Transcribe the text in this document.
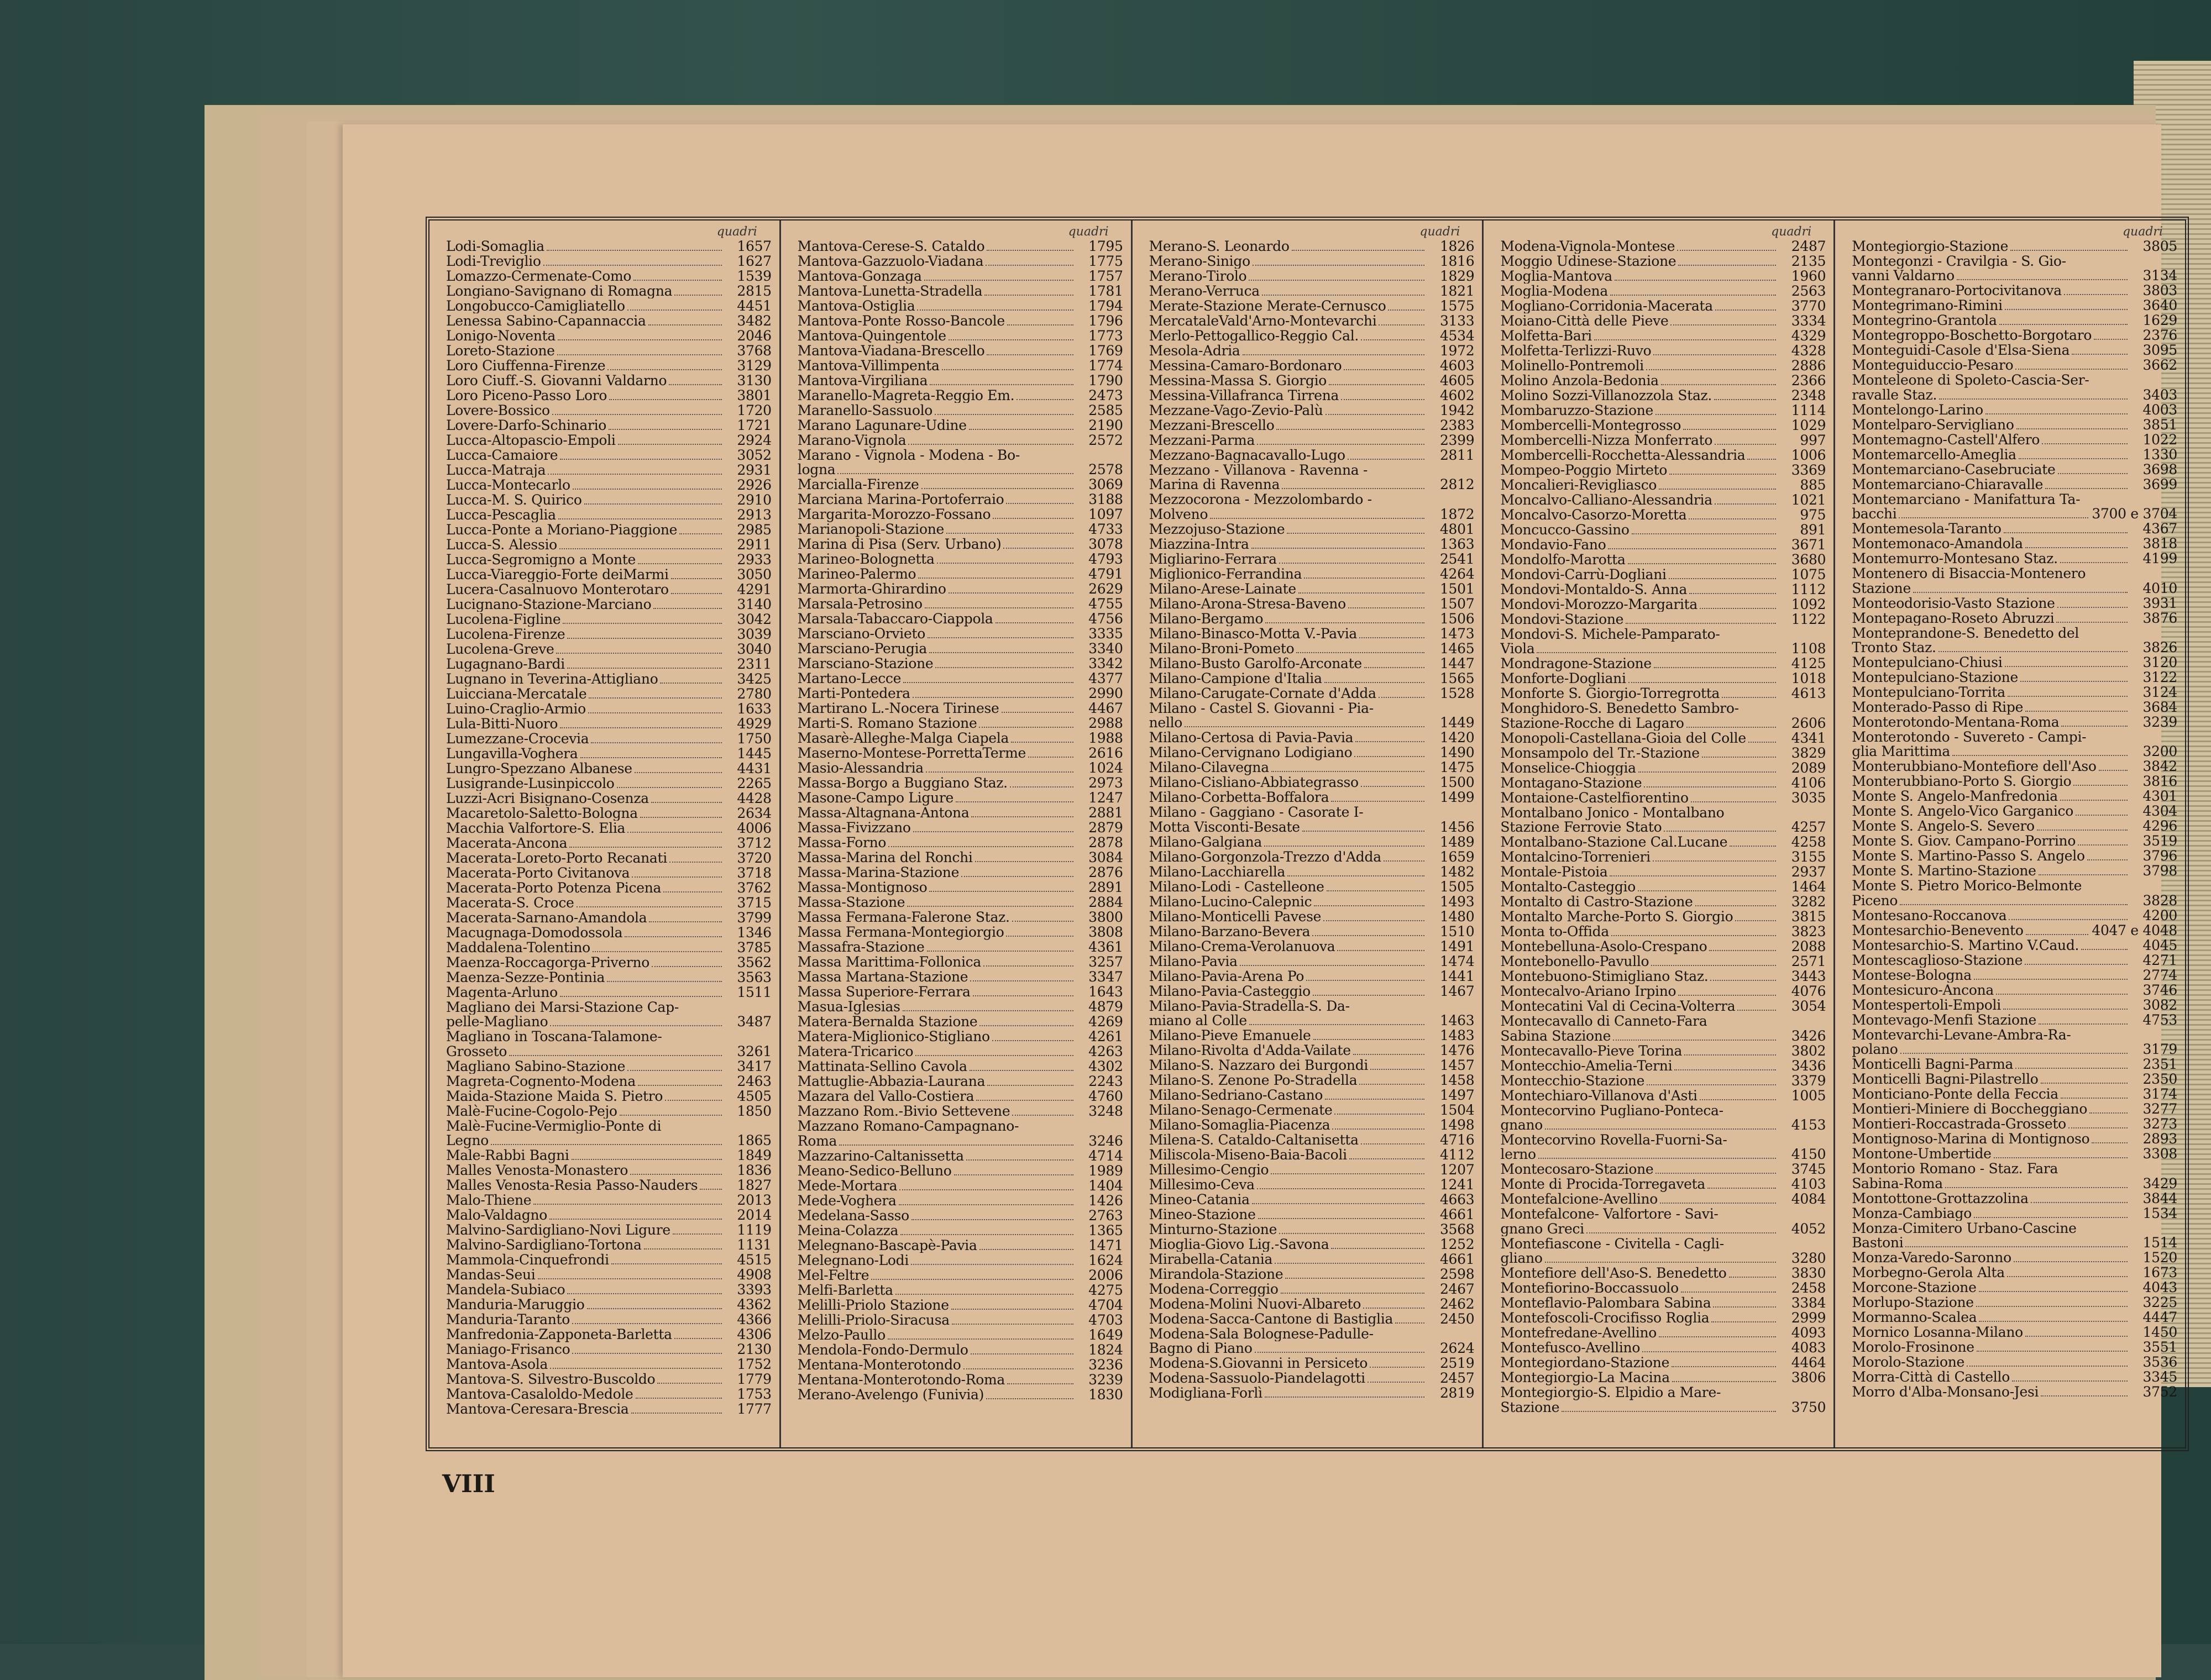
quadri
Lodi-Somaglia	1657
Lodi-Treviglio	1627
Lomazzo-Cermenate-Como	1539
Longiano-Savignano di Romagna	2815
Longobucco-Camigliatello	4451
Lenessa Sabino-Capannaccia	3482
Lonigo-Noventa	2046
Loreto-Stazione	3768
Loro Ciuffenna-Firenze	3129
Loro Ciuff.-S. Giovanni Valdarno	3130
Loro Piceno-Passo Loro	3801
Lovere-Bossico	1720
Lovere-Darfo-Schinario	1721
Lucca-Altopascio-Empoli	2924
Lucca-Camaiore	3052
Lucca-Matraja	2931
Lucca-Montecarlo	2926
Lucca-M. S. Quirico	2910
Lucca-Pescaglia	2913
Lucca-Ponte a Moriano-Piaggione	2985
Lucca-S. Alessio	2911
Lucca-Segromigno a Monte	2933
Lucca-Viareggio-Forte deiMarmi	3050
Lucera-Casalnuovo Monterotaro	4291
Lucignano-Stazione-Marciano	3140
Lucolena-Figline	3042
Lucolena-Firenze	3039
Lucolena-Greve	3040
Lugagnano-Bardi	2311
Lugnano in Teverina-Attigliano	3425
Luicciana-Mercatale	2780
Luino-Craglio-Armio	1633
Lula-Bitti-Nuoro	4929
Lumezzane-Crocevia	1750
Lungavilla-Voghera	1445
Lungro-Spezzano Albanese	4431
Lusigrande-Lusinpiccolo	2265
Luzzi-Acri Bisignano-Cosenza	4428
Macaretolo-Saletto-Bologna	2634
Macchia Valfortore-S. Elia	4006
Macerata-Ancona	3712
Macerata-Loreto-Porto Recanati	3720
Macerata-Porto Civitanova	3718
Macerata-Porto Potenza Picena	3762
Macerata-S. Croce	3715
Macerata-Sarnano-Amandola	3799
Macugnaga-Domodossola	1346
Maddalena-Tolentino	3785
Maenza-Roccagorga-Priverno	3562
Maenza-Sezze-Pontinia	3563
Magenta-Arluno	1511
Magliano dei Marsi-Stazione Cap-
pelle-Magliano	3487
Magliano in Toscana-Talamone-
Grosseto	3261
Magliano Sabino-Stazione	3417
Magreta-Cognento-Modena	2463
Maida-Stazione Maida S. Pietro	4505
Malè-Fucine-Cogolo-Pejo	1850
Malè-Fucine-Vermiglio-Ponte di
Legno	1865
Male-Rabbi Bagni	1849
Malles Venosta-Monastero	1836
Malles Venosta-Resia Passo-Nauders	1827
Malo-Thiene	2013
Malo-Valdagno	2014
Malvino-Sardigliano-Novi Ligure	1119
Malvino-Sardigliano-Tortona	1131
Mammola-Cinquefrondi	4515
Mandas-Seui	4908
Mandela-Subiaco	3393
Manduria-Maruggio	4362
Manduria-Taranto	4366
Manfredonia-Zapponeta-Barletta	4306
Maniago-Frisanco	2130
Mantova-Asola	1752
Mantova-S. Silvestro-Buscoldo	1779
Mantova-Casaloldo-Medole	1753
Mantova-Ceresara-Brescia	1777
quadri
Mantova-Cerese-S. Cataldo	1795
Mantova-Gazzuolo-Viadana	1775
Mantova-Gonzaga	1757
Mantova-Lunetta-Stradella	1781
Mantova-Ostiglia	1794
Mantova-Ponte Rosso-Bancole	1796
Mantova-Quingentole	1773
Mantova-Viadana-Brescello	1769
Mantova-Villimpenta	1774
Mantova-Virgiliana	1790
Maranello-Magreta-Reggio Em.	2473
Maranello-Sassuolo	2585
Marano Lagunare-Udine	2190
Marano-Vignola	2572
Marano - Vignola - Modena - Bo-
logna	2578
Marcialla-Firenze	3069
Marciana Marina-Portoferraio	3188
Margarita-Morozzo-Fossano	1097
Marianopoli-Stazione	4733
Marina di Pisa (Serv. Urbano)	3078
Marineo-Bolognetta	4793
Marineo-Palermo	4791
Marmorta-Ghirardino	2629
Marsala-Petrosino	4755
Marsala-Tabaccaro-Ciappola	4756
Marsciano-Orvieto	3335
Marsciano-Perugia	3340
Marsciano-Stazione	3342
Martano-Lecce	4377
Marti-Pontedera	2990
Martirano L.-Nocera Tirinese	4467
Marti-S. Romano Stazione	2988
Masarè-Alleghe-Malga Ciapela	1988
Maserno-Montese-PorrettaTerme	2616
Masio-Alessandria	1024
Massa-Borgo a Buggiano Staz.	2973
Masone-Campo Ligure	1247
Massa-Altagnana-Antona	2881
Massa-Fivizzano	2879
Massa-Forno	2878
Massa-Marina del Ronchi	3084
Massa-Marina-Stazione	2876
Massa-Montignoso	2891
Massa-Stazione	2884
Massa Fermana-Falerone Staz.	3800
Massa Fermana-Montegiorgio	3808
Massafra-Stazione	4361
Massa Marittima-Follonica	3257
Massa Martana-Stazione	3347
Massa Superiore-Ferrara	1643
Masua-Iglesias	4879
Matera-Bernalda Stazione	4269
Matera-Miglionico-Stigliano	4261
Matera-Tricarico	4263
Mattinata-Sellino Cavola	4302
Mattuglie-Abbazia-Laurana	2243
Mazara del Vallo-Costiera	4760
Mazzano Rom.-Bivio Settevene	3248
Mazzano Romano-Campagnano-
Roma	3246
Mazzarino-Caltanissetta	4714
Meano-Sedico-Belluno	1989
Mede-Mortara	1404
Mede-Voghera	1426
Medelana-Sasso	2763
Meina-Colazza	1365
Melegnano-Bascapè-Pavia	1471
Melegnano-Lodi	1624
Mel-Feltre	2006
Melfi-Barletta	4275
Melilli-Priolo Stazione	4704
Melilli-Priolo-Siracusa	4703
Melzo-Paullo	1649
Mendola-Fondo-Dermulo	1824
Mentana-Monterotondo	3236
Mentana-Monterotondo-Roma	3239
Merano-Avelengo (Funivia)	1830
quadri
Merano-S. Leonardo	1826
Merano-Sinigo	1816
Merano-Tirolo	1829
Merano-Verruca	1821
Merate-Stazione Merate-Cernusco	1575
MercataleVald'Arno-Montevarchi	3133
Merlo-Pettogallico-Reggio Cal.	4534
Mesola-Adria	1972
Messina-Camaro-Bordonaro	4603
Messina-Massa S. Giorgio	4605
Messina-Villafranca Tirrena	4602
Mezzane-Vago-Zevio-Palù	1942
Mezzani-Brescello	2383
Mezzani-Parma	2399
Mezzano-Bagnacavallo-Lugo	2811
Mezzano - Villanova - Ravenna -
Marina di Ravenna	2812
Mezzocorona - Mezzolombardo -
Molveno	1872
Mezzojuso-Stazione	4801
Miazzina-Intra	1363
Migliarino-Ferrara	2541
Miglionico-Ferrandina	4264
Milano-Arese-Lainate	1501
Milano-Arona-Stresa-Baveno	1507
Milano-Bergamo	1506
Milano-Binasco-Motta V.-Pavia	1473
Milano-Broni-Pometo	1465
Milano-Busto Garolfo-Arconate	1447
Milano-Campione d'Italia	1565
Milano-Carugate-Cornate d'Adda	1528
Milano - Castel S. Giovanni - Pia-
nello	1449
Milano-Certosa di Pavia-Pavia	1420
Milano-Cervignano Lodigiano	1490
Milano-Cilavegna	1475
Milano-Cisliano-Abbiategrasso	1500
Milano-Corbetta-Boffalora	1499
Milano - Gaggiano - Casorate I-
Motta Visconti-Besate	1456
Milano-Galgiana	1489
Milano-Gorgonzola-Trezzo d'Adda	1659
Milano-Lacchiarella	1482
Milano-Lodi - Castelleone	1505
Milano-Lucino-Calepnic	1493
Milano-Monticelli Pavese	1480
Milano-Barzano-Bevera	1510
Milano-Crema-Verolanuova	1491
Milano-Pavia	1474
Milano-Pavia-Arena Po	1441
Milano-Pavia-Casteggio	1467
Milano-Pavia-Stradella-S. Da-
miano al Colle	1463
Milano-Pieve Emanuele	1483
Milano-Rivolta d'Adda-Vailate	1476
Milano-S. Nazzaro dei Burgondi	1457
Milano-S. Zenone Po-Stradella	1458
Milano-Sedriano-Castano	1497
Milano-Senago-Cermenate	1504
Milano-Somaglia-Piacenza	1498
Milena-S. Cataldo-Caltanisetta	4716
Miliscola-Miseno-Baia-Bacoli	4112
Millesimo-Cengio	1207
Millesimo-Ceva	1241
Mineo-Catania	4663
Mineo-Stazione	4661
Minturno-Stazione	3568
Mioglia-Giovo Lig.-Savona	1252
Mirabella-Catania	4661
Mirandola-Stazione	2598
Modena-Correggio	2467
Modena-Molini Nuovi-Albareto	2462
Modena-Sacca-Cantone di Bastiglia	2450
Modena-Sala Bolognese-Padulle-
Bagno di Piano	2624
Modena-S.Giovanni in Persiceto	2519
Modena-Sassuolo-Piandelagotti	2457
Modigliana-Forlì	2819
quadri
Modena-Vignola-Montese	2487
Moggio Udinese-Stazione	2135
Moglia-Mantova	1960
Moglia-Modena	2563
Mogliano-Corridonia-Macerata	3770
Moiano-Città delle Pieve	3334
Molfetta-Bari	4329
Molfetta-Terlizzi-Ruvo	4328
Molinello-Pontremoli	2886
Molino Anzola-Bedonia	2366
Molino Sozzi-Villanozzola Staz.	2348
Mombaruzzo-Stazione	1114
Mombercelli-Montegrosso	1029
Mombercelli-Nizza Monferrato	997
Mombercelli-Rocchetta-Alessandria	1006
Mompeo-Poggio Mirteto	3369
Moncalieri-Revigliasco	885
Moncalvo-Calliano-Alessandria	1021
Moncalvo-Casorzo-Moretta	975
Moncucco-Gassino	891
Mondavio-Fano	3671
Mondolfo-Marotta	3680
Mondovi-Carrù-Dogliani	1075
Mondovi-Montaldo-S. Anna	1112
Mondovi-Morozzo-Margarita	1092
Mondovi-Stazione	1122
Mondovi-S. Michele-Pamparato-
Viola	1108
Mondragone-Stazione	4125
Monforte-Dogliani	1018
Monforte S. Giorgio-Torregrotta	4613
Monghidoro-S. Benedetto Sambro-
Stazione-Rocche di Lagaro	2606
Monopoli-Castellana-Gioia del Colle	4341
Monsampolo del Tr.-Stazione	3829
Monselice-Chioggia	2089
Montagano-Stazione	4106
Montaione-Castelfiorentino	3035
Montalbano Jonico - Montalbano
Stazione Ferrovie Stato	4257
Montalbano-Stazione Cal.Lucane	4258
Montalcino-Torrenieri	3155
Montale-Pistoia	2937
Montalto-Casteggio	1464
Montalto di Castro-Stazione	3282
Montalto Marche-Porto S. Giorgio	3815
Monta to-Offida	3823
Montebelluna-Asolo-Crespano	2088
Montebonello-Pavullo	2571
Montebuono-Stimigliano Staz.	3443
Montecalvo-Ariano Irpino	4076
Montecatini Val di Cecina-Volterra	3054
Montecavallo di Canneto-Fara
Sabina Stazione	3426
Montecavallo-Pieve Torina	3802
Montecchio-Amelia-Terni	3436
Montecchio-Stazione	3379
Montechiaro-Villanova d'Asti	1005
Montecorvino Pugliano-Ponteca-
gnano	4153
Montecorvino Rovella-Fuorni-Sa-
lerno	4150
Montecosaro-Stazione	3745
Monte di Procida-Torregaveta	4103
Montefalcione-Avellino	4084
Montefalcone- Valfortore - Savi-
gnano Greci	4052
Montefiascone - Civitella - Cagli-
gliano	3280
Montefiore dell'Aso-S. Benedetto	3830
Montefiorino-Boccassuolo	2458
Monteflavio-Palombara Sabina	3384
Montefoscoli-Crocifisso Roglia	2999
Montefredane-Avellino	4093
Montefusco-Avellino	4083
Montegiordano-Stazione	4464
Montegiorgio-La Macina	3806
Montegiorgio-S. Elpidio a Mare-
Stazione	3750
quadri
Montegiorgio-Stazione	3805
Montegonzi - Cravilgia - S. Gio-
vanni Valdarno	3134
Montegranaro-Portocivitanova	3803
Montegrimano-Rimini	3640
Montegrino-Grantola	1629
Montegroppo-Boschetto-Borgotaro	2376
Monteguidi-Casole d'Elsa-Siena	3095
Monteguiduccio-Pesaro	3662
Monteleone di Spoleto-Cascia-Ser-
ravalle Staz.	3403
Montelongo-Larino	4003
Montelparo-Servigliano	3851
Montemagno-Castell'Alfero	1022
Montemarcello-Ameglia	1330
Montemarciano-Casebruciate	3698
Montemarciano-Chiaravalle	3699
Montemarciano - Manifattura Ta-
bacchi	3700 e 3704
Montemesola-Taranto	4367
Montemonaco-Amandola	3818
Montemurro-Montesano Staz.	4199
Montenero di Bisaccia-Montenero
Stazione	4010
Monteodorisio-Vasto Stazione	3931
Montepagano-Roseto Abruzzi	3876
Monteprandone-S. Benedetto del
Tronto Staz.	3826
Montepulciano-Chiusi	3120
Montepulciano-Stazione	3122
Montepulciano-Torrita	3124
Monterado-Passo di Ripe	3684
Monterotondo-Mentana-Roma	3239
Monterotondo - Suvereto - Campi-
glia Marittima	3200
Monterubbiano-Montefiore dell'Aso	3842
Monterubbiano-Porto S. Giorgio	3816
Monte S. Angelo-Manfredonia	4301
Monte S. Angelo-Vico Garganico	4304
Monte S. Angelo-S. Severo	4296
Monte S. Giov. Campano-Porrino	3519
Monte S. Martino-Passo S. Angelo	3796
Monte S. Martino-Stazione	3798
Monte S. Pietro Morico-Belmonte
Piceno	3828
Montesano-Roccanova	4200
Montesarchio-Benevento	4047 e 4048
Montesarchio-S. Martino V.Caud.	4045
Montescaglioso-Stazione	4271
Montese-Bologna	2774
Montesicuro-Ancona	3746
Montespertoli-Empoli	3082
Montevago-Menfi Stazione	4753
Montevarchi-Levane-Ambra-Ra-
polano	3179
Monticelli Bagni-Parma	2351
Monticelli Bagni-Pilastrello	2350
Monticiano-Ponte della Feccia	3174
Montieri-Miniere di Boccheggiano	3277
Montieri-Roccastrada-Grosseto	3273
Montignoso-Marina di Montignoso	2893
Montone-Umbertide	3308
Montorio Romano - Staz. Fara
Sabina-Roma	3429
Montottone-Grottazzolina	3844
Monza-Cambiago	1534
Monza-Cimitero Urbano-Cascine
Bastoni	1514
Monza-Varedo-Saronno	1520
Morbegno-Gerola Alta	1673
Morcone-Stazione	4043
Morlupo-Stazione	3225
Mormanno-Scalea	4447
Mornico Losanna-Milano	1450
Morolo-Frosinone	3551
Morolo-Stazione	3536
Morra-Città di Castello	3345
Morro d'Alba-Monsano-Jesi	3752
VIII
